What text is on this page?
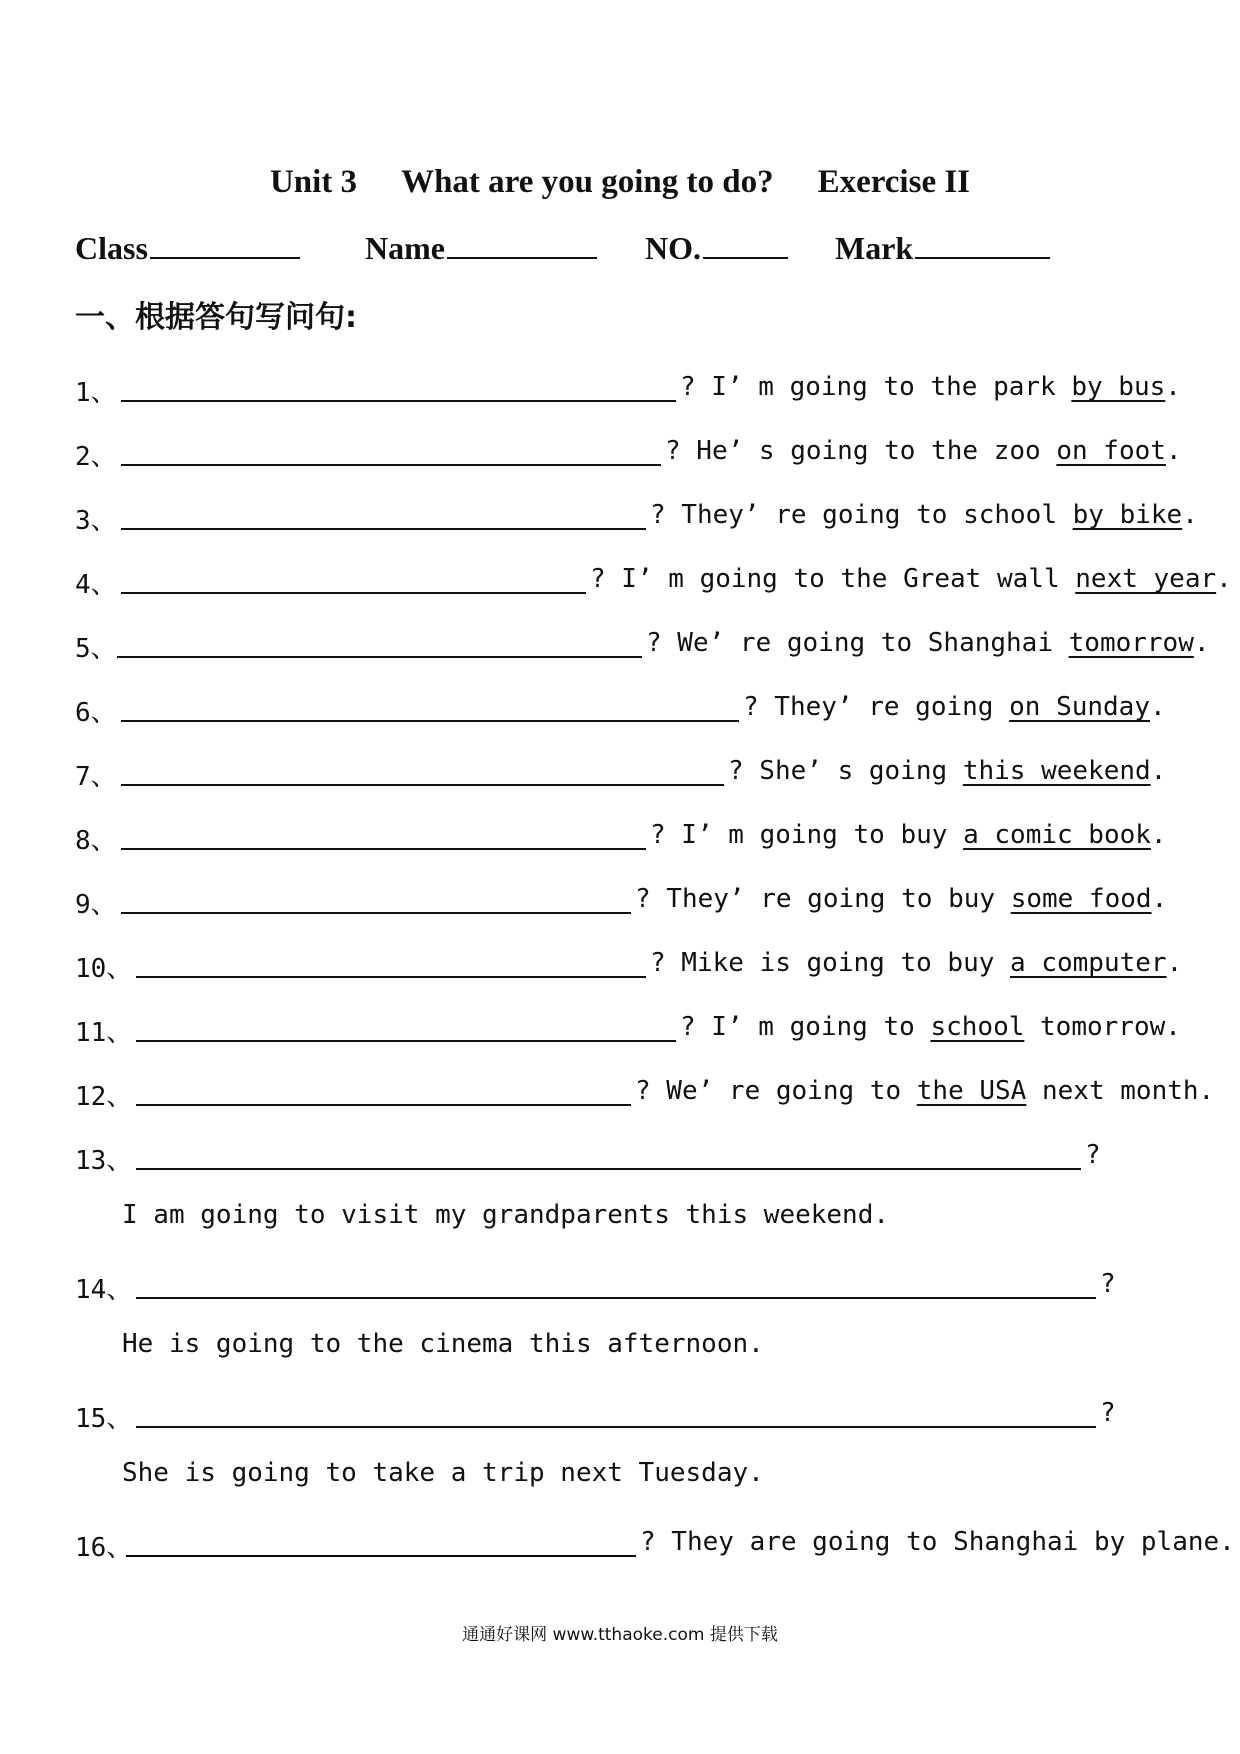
Unit 3 What are you going to do? Exercise II
Class	Name	NO.	Mark
一、根据答句写问句:
1、	? I’ m going to the park by bus.
2、	? He’ s going to the zoo on foot.
3、	? They’ re going to school by bike.
4、	? I’ m going to the Great wall next year.
5、	? We’ re going to Shanghai tomorrow.
6、	? They’ re going on Sunday.
7、	? She’ s going this weekend.
8、	? I’ m going to buy a comic book.
9、	? They’ re going to buy some food.
10、	? Mike is going to buy a computer.
11、	? I’ m going to school tomorrow.
12、	? We’ re going to the USA next month.
13、	?
I am going to visit my grandparents this weekend.
14、	?
He is going to the cinema this afternoon.
15、	?
She is going to take a trip next Tuesday.
16、	? They are going to Shanghai by plane.
通通好课网 www.tthaoke.com 提供下载
